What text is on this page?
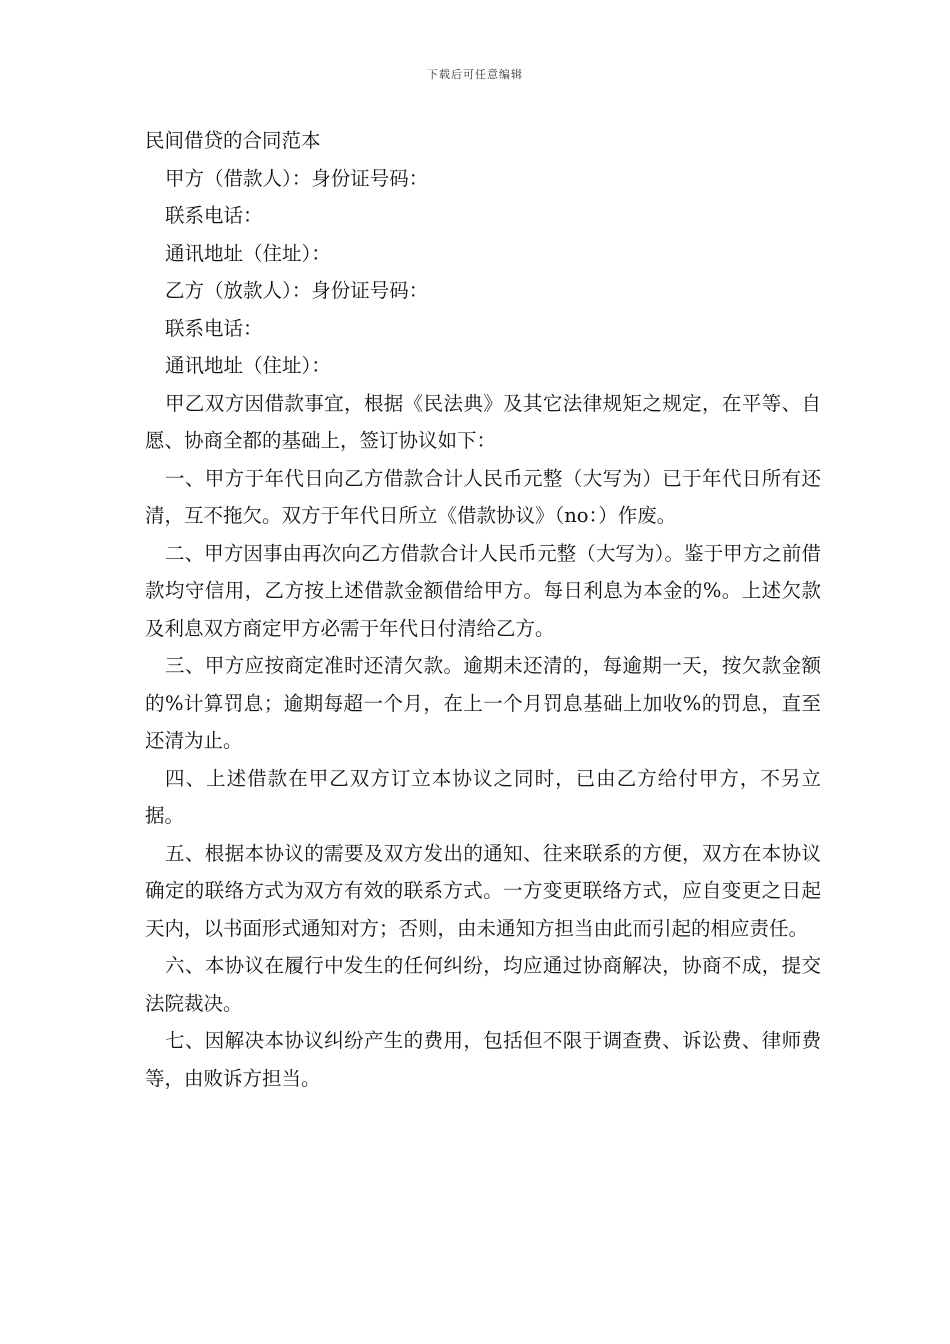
下载后可任意编辑

民间借贷的合同范本

甲方（借款人）：身份证号码：

联系电话：

通讯地址（住址）：

乙方（放款人）：身份证号码：

联系电话：

通讯地址（住址）：

甲乙双方因借款事宜，根据《民法典》及其它法律规矩之规定，在平等、自愿、协商全都的基础上，签订协议如下：

一、甲方于年代日向乙方借款合计人民币元整（大写为）已于年代日所有还清，互不拖欠。双方于年代日所立《借款协议》（no：）作废。

二、甲方因事由再次向乙方借款合计人民币元整（大写为）。鉴于甲方之前借款均守信用，乙方按上述借款金额借给甲方。每日利息为本金的%。上述欠款及利息双方商定甲方必需于年代日付清给乙方。

三、甲方应按商定准时还清欠款。逾期未还清的，每逾期一天，按欠款金额的%计算罚息；逾期每超一个月，在上一个月罚息基础上加收%的罚息，直至还清为止。

四、上述借款在甲乙双方订立本协议之同时，已由乙方给付甲方，不另立据。

五、根据本协议的需要及双方发出的通知、往来联系的方便，双方在本协议确定的联络方式为双方有效的联系方式。一方变更联络方式，应自变更之日起天内，以书面形式通知对方；否则，由未通知方担当由此而引起的相应责任。

六、本协议在履行中发生的任何纠纷，均应通过协商解决，协商不成，提交法院裁决。

七、因解决本协议纠纷产生的费用，包括但不限于调查费、诉讼费、律师费等，由败诉方担当。
